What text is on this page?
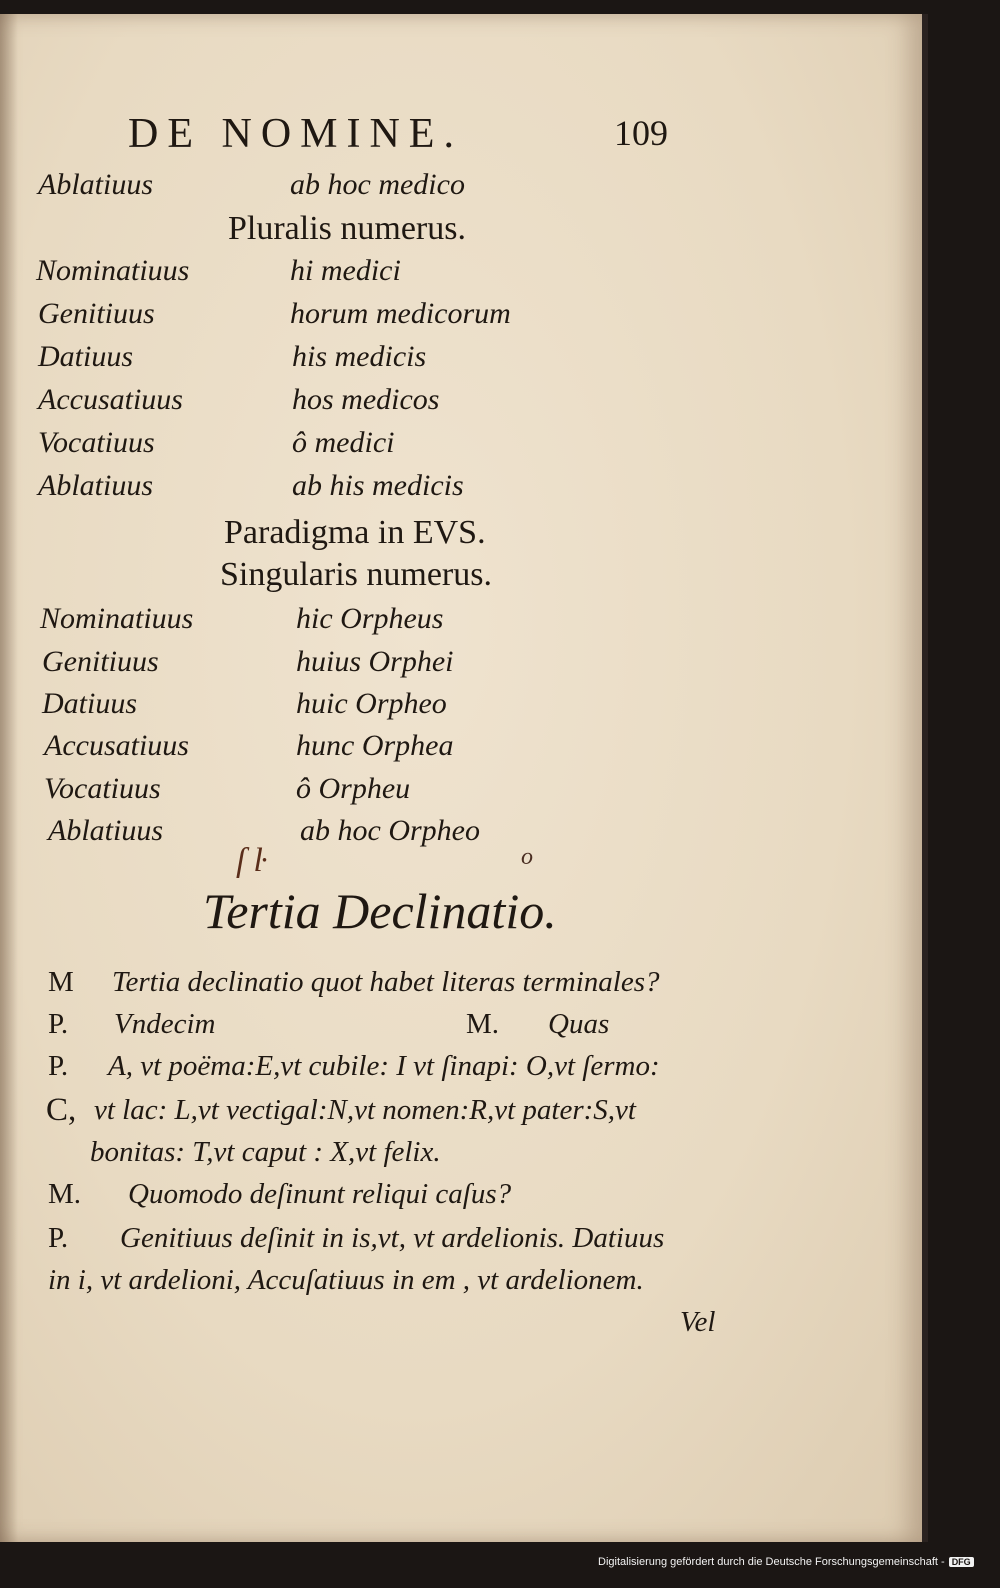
DE NOMINE.	109
Ablatiuus	ab hoc medico
Pluralis numerus.
Nominatiuus	hi medici
Genitiuus	horum medicorum
Datiuus	his medicis
Accusatiuus	hos medicos
Vocatiuus	ô medici
Ablatiuus	ab his medicis
Paradigma in EVS.
Singularis numerus.
Nominatiuus	hic Orpheus
Genitiuus	huius Orphei
Datiuus	huic Orpheo
Accusatiuus	hunc Orphea
Vocatiuus	ô Orpheu
Ablatiuus	ab hoc Orpheo
ſ ŀ	o
Tertia Declinatio.
M Tertia declinatio quot habet literas terminales?
P. Vndecim	M. Quas
P. A, vt poëma:E,vt cubile: I vt ſinapi: O,vt ſermo:
C, vt lac: L,vt vectigal:N,vt nomen:R,vt pater:S,vt
bonitas: T,vt caput : X,vt felix.
M. Quomodo deſinunt reliqui caſus?
P. Genitiuus deſinit in is,vt, vt ardelionis. Datiuus
in i, vt ardelioni, Accuſatiuus in em , vt ardelionem.
Vel
Digitalisierung gefördert durch die Deutsche Forschungsgemeinschaft - DFG
